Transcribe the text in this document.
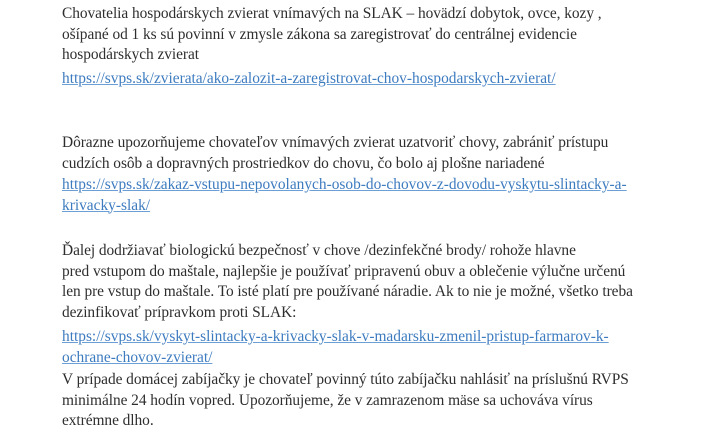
Chovatelia hospodárskych zvierat vnímavých na SLAK – hovädzí dobytok, ovce, kozy ,
ošípané od 1 ks sú povinní v zmysle zákona sa zaregistrovať do centrálnej evidencie
hospodárskych zvierat
https://svps.sk/zvierata/ako-zalozit-a-zaregistrovat-chov-hospodarskych-zvierat/
Dôrazne upozorňujeme chovateľov vnímavých zvierat uzatvoriť chovy, zabrániť prístupu
cudzích osôb a dopravných prostriedkov do chovu, čo bolo aj plošne nariadené
https://svps.sk/zakaz-vstupu-nepovolanych-osob-do-chovov-z-dovodu-vyskytu-slintacky-a-
krivacky-slak/
Ďalej dodržiavať biologickú bezpečnosť v chove /dezinfekčné brody/ rohože hlavne
pred vstupom do maštale, najlepšie je používať pripravenú obuv a oblečenie výlučne určenú
len pre vstup do maštale. To isté platí pre používané náradie. Ak to nie je možné, všetko treba
dezinfikovať prípravkom proti SLAK:
https://svps.sk/vyskyt-slintacky-a-krivacky-slak-v-madarsku-zmenil-pristup-farmarov-k-
ochrane-chovov-zvierat/
V prípade domácej zabíjačky je chovateľ povinný túto zabíjačku nahlásiť na príslušnú RVPS
minimálne 24 hodín vopred. Upozorňujeme, že v zamrazenom mäse sa uchováva vírus
extrémne dlho.
